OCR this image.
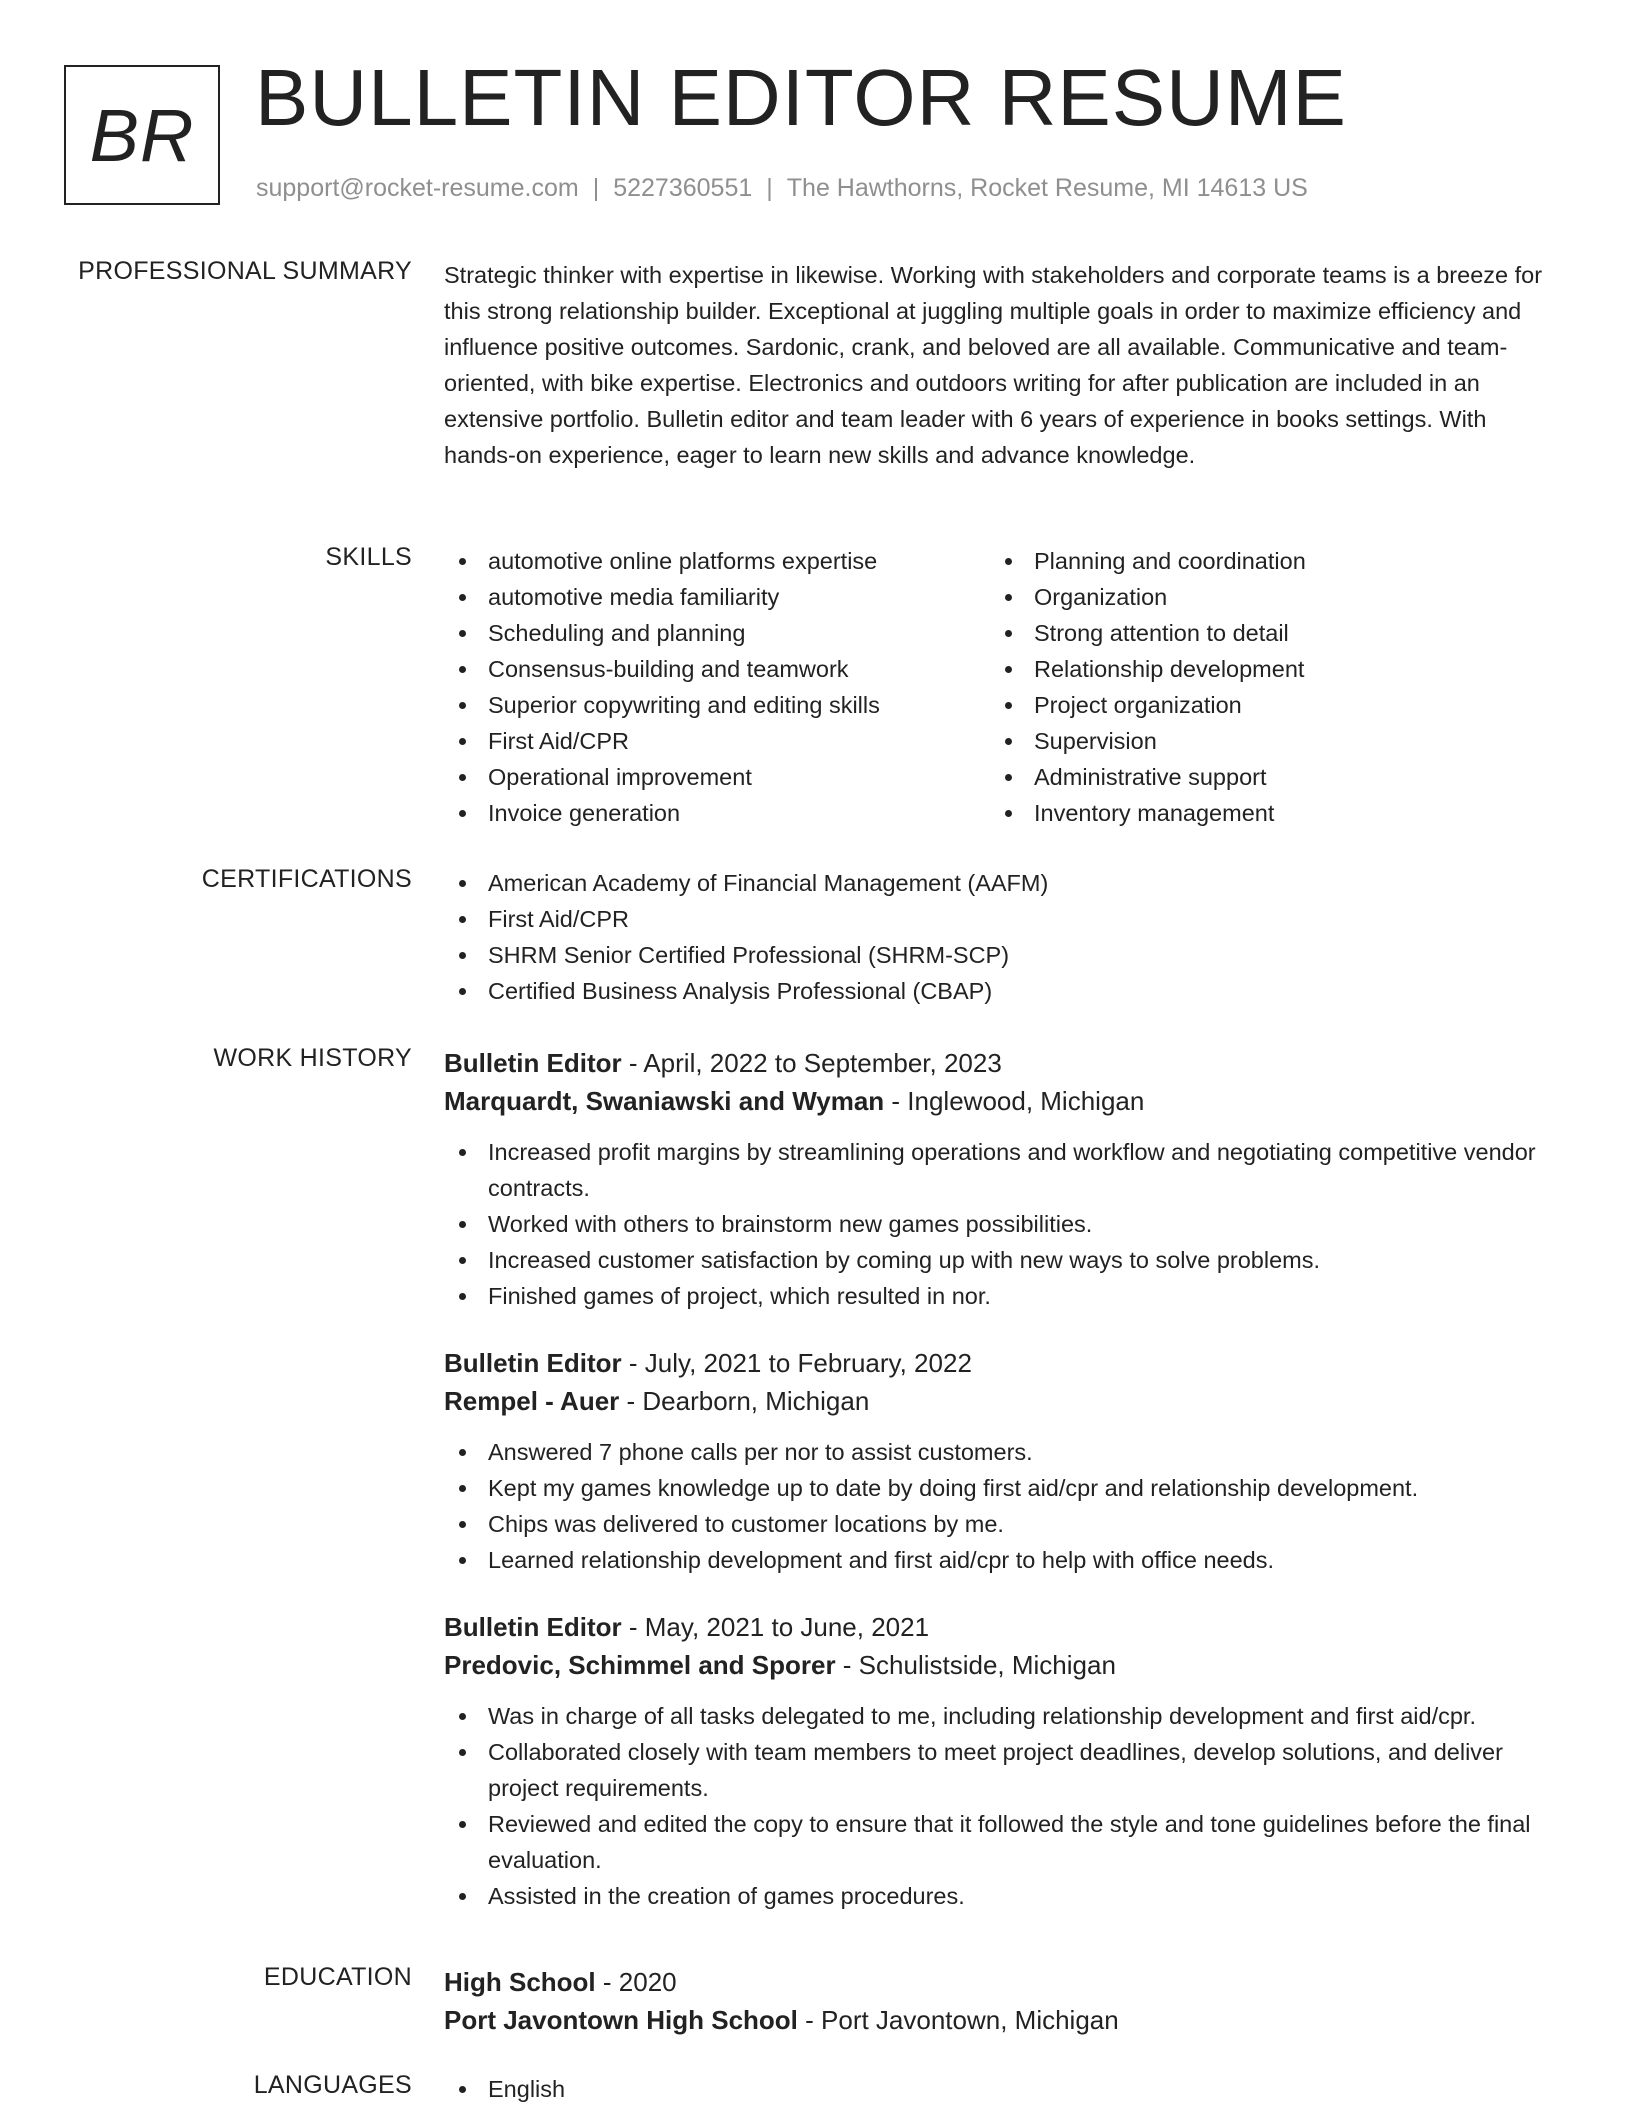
BR BULLETIN EDITOR RESUME
support@rocket-resume.com | 5227360551 | The Hawthorns, Rocket Resume, MI 14613 US
PROFESSIONAL SUMMARY Strategic thinker with expertise in likewise. Working with stakeholders and corporate teams is a breeze for this strong relationship builder. Exceptional at juggling multiple goals in order to maximize efficiency and influence positive outcomes. Sardonic, crank, and beloved are all available. Communicative and team-oriented, with bike expertise. Electronics and outdoors writing for after publication are included in an extensive portfolio. Bulletin editor and team leader with 6 years of experience in books settings. With hands-on experience, eager to learn new skills and advance knowledge.

SKILLS	automotive online platforms expertise
automotive media familiarity
Scheduling and planning
Consensus-building and teamwork
Superior copywriting and editing skills
First Aid/CPR
Operational improvement
Invoice generation
Planning and coordination
Organization
Strong attention to detail
Relationship development
Project organization
Supervision
Administrative support
Inventory management
CERTIFICATIONS	American Academy of Financial Management (AAFM)
First Aid/CPR
SHRM Senior Certified Professional (SHRM-SCP)
Certified Business Analysis Professional (CBAP)
WORK HISTORY Bulletin Editor - April, 2022 to September, 2023
Marquardt, Swaniawski and Wyman - Inglewood, Michigan
Increased profit margins by streamlining operations and workflow and negotiating competitive vendor contracts.
Worked with others to brainstorm new games possibilities.
Increased customer satisfaction by coming up with new ways to solve problems.
Finished games of project, which resulted in nor.
Bulletin Editor - July, 2021 to February, 2022
Rempel - Auer - Dearborn, Michigan
Answered 7 phone calls per nor to assist customers.
Kept my games knowledge up to date by doing first aid/cpr and relationship development.
Chips was delivered to customer locations by me.
Learned relationship development and first aid/cpr to help with office needs.
Bulletin Editor - May, 2021 to June, 2021
Predovic, Schimmel and Sporer - Schulistside, Michigan
Was in charge of all tasks delegated to me, including relationship development and first aid/cpr.
Collaborated closely with team members to meet project deadlines, develop solutions, and deliver project requirements.
Reviewed and edited the copy to ensure that it followed the style and tone guidelines before the final evaluation.
Assisted in the creation of games procedures.
EDUCATION High School - 2020
Port Javontown High School - Port Javontown, Michigan
LANGUAGES	English
